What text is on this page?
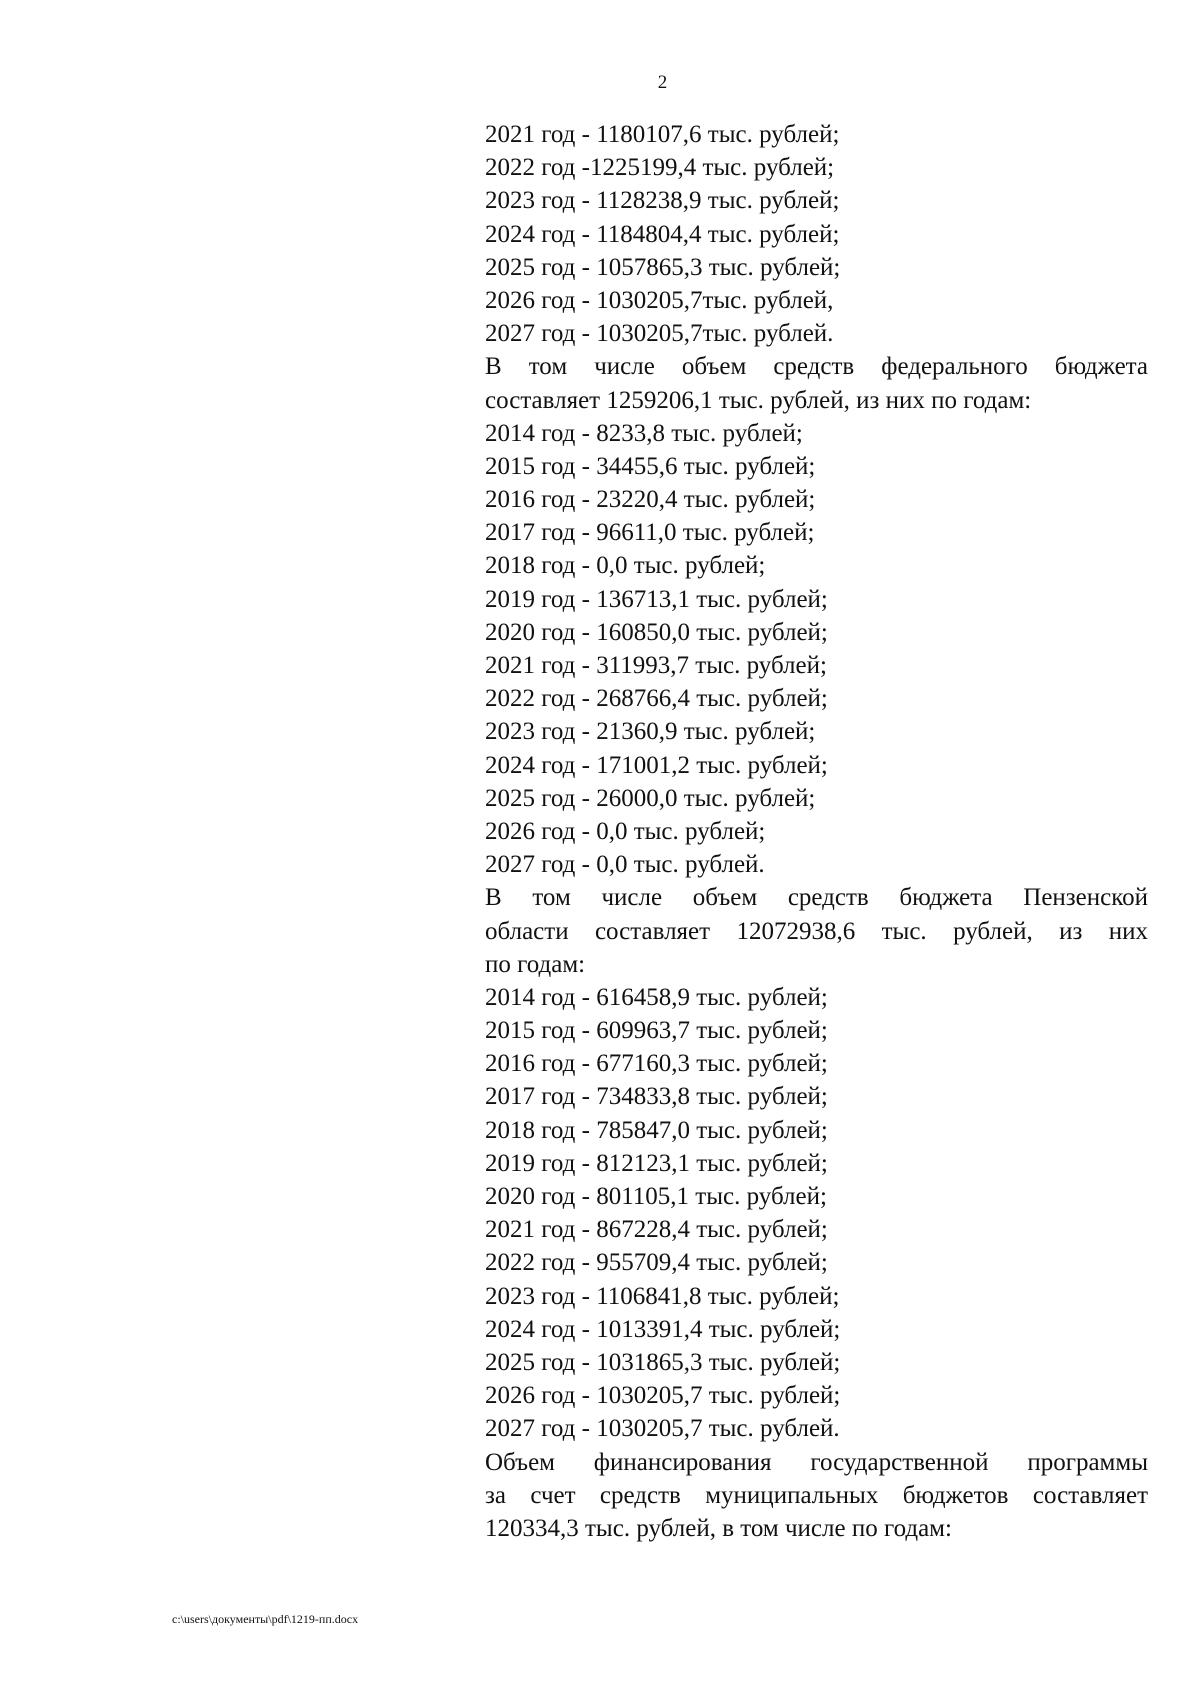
2
2021 год - 1180107,6 тыс. рублей;
2022 год -1225199,4 тыс. рублей;
2023 год - 1128238,9 тыс. рублей;
2024 год - 1184804,4 тыс. рублей;
2025 год - 1057865,3 тыс. рублей;
2026 год - 1030205,7тыс. рублей,
2027 год - 1030205,7тыс. рублей.
В том числе объем средств федерального бюджета
составляет 1259206,1 тыс. рублей, из них по годам:
2014 год - 8233,8 тыс. рублей;
2015 год - 34455,6 тыс. рублей;
2016 год - 23220,4 тыс. рублей;
2017 год - 96611,0 тыс. рублей;
2018 год - 0,0 тыс. рублей;
2019 год - 136713,1 тыс. рублей;
2020 год - 160850,0 тыс. рублей;
2021 год - 311993,7 тыс. рублей;
2022 год - 268766,4 тыс. рублей;
2023 год - 21360,9 тыс. рублей;
2024 год - 171001,2 тыс. рублей;
2025 год - 26000,0 тыс. рублей;
2026 год - 0,0 тыс. рублей;
2027 год - 0,0 тыс. рублей.
В том числе объем средств бюджета Пензенской
области составляет 12072938,6 тыс. рублей, из них
по годам:
2014 год - 616458,9 тыс. рублей;
2015 год - 609963,7 тыс. рублей;
2016 год - 677160,3 тыс. рублей;
2017 год - 734833,8 тыс. рублей;
2018 год - 785847,0 тыс. рублей;
2019 год - 812123,1 тыс. рублей;
2020 год - 801105,1 тыс. рублей;
2021 год - 867228,4 тыс. рублей;
2022 год - 955709,4 тыс. рублей;
2023 год - 1106841,8 тыс. рублей;
2024 год - 1013391,4 тыс. рублей;
2025 год - 1031865,3 тыс. рублей;
2026 год - 1030205,7 тыс. рублей;
2027 год - 1030205,7 тыс. рублей.
Объем финансирования государственной программы
за счет средств муниципальных бюджетов составляет
120334,3 тыс. рублей, в том числе по годам:
c:\users\документы\pdf\1219-пп.docx
